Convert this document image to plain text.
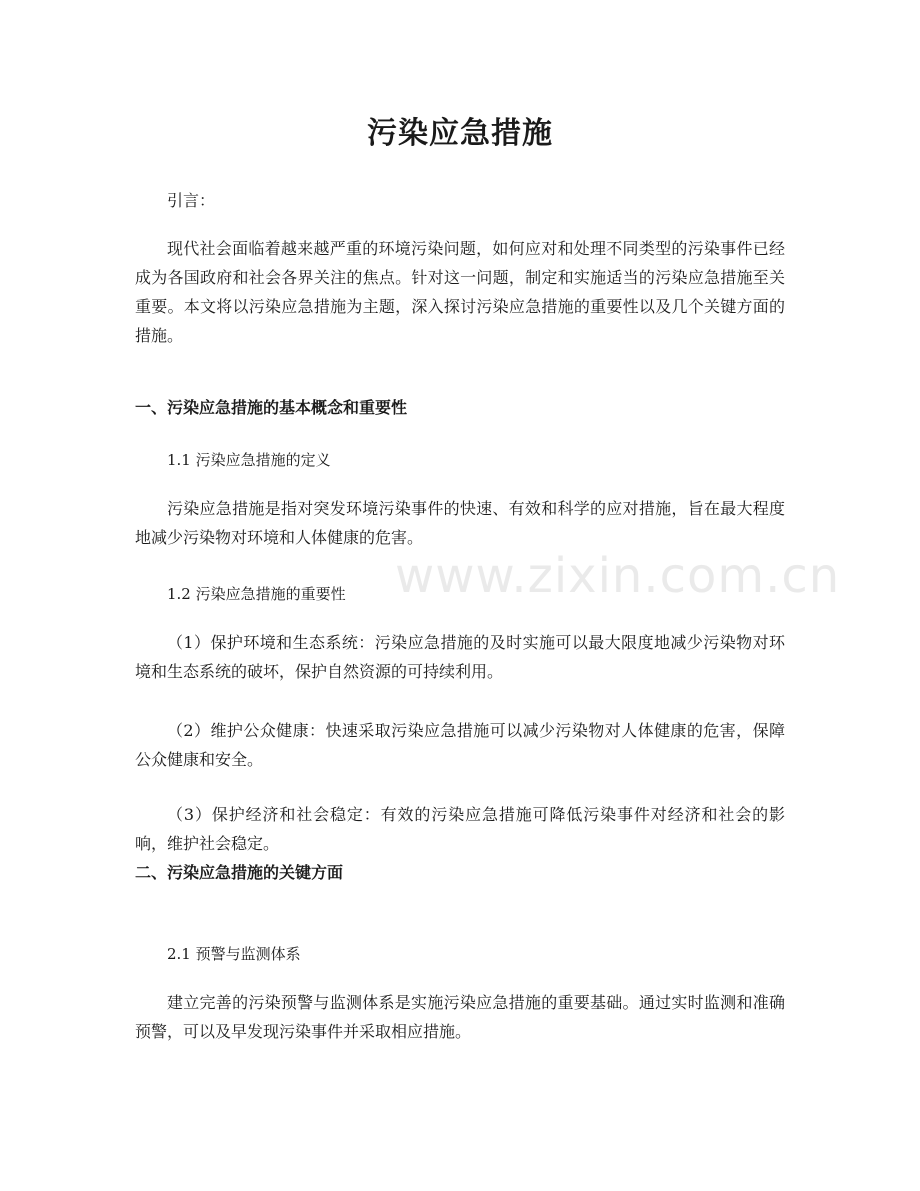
www.zixin.com.cn
污染应急措施

引言：

现代社会面临着越来越严重的环境污染问题，如何应对和处理不同类型的污染事件已经成为各国政府和社会各界关注的焦点。针对这一问题，制定和实施适当的污染应急措施至关重要。本文将以污染应急措施为主题，深入探讨污染应急措施的重要性以及几个关键方面的措施。

一、污染应急措施的基本概念和重要性

1.1 污染应急措施的定义

污染应急措施是指对突发环境污染事件的快速、有效和科学的应对措施，旨在最大程度地减少污染物对环境和人体健康的危害。

1.2 污染应急措施的重要性

（1）保护环境和生态系统：污染应急措施的及时实施可以最大限度地减少污染物对环境和生态系统的破坏，保护自然资源的可持续利用。

（2）维护公众健康：快速采取污染应急措施可以减少污染物对人体健康的危害，保障公众健康和安全。

（3）保护经济和社会稳定：有效的污染应急措施可降低污染事件对经济和社会的影响，维护社会稳定。

二、污染应急措施的关键方面

2.1 预警与监测体系

建立完善的污染预警与监测体系是实施污染应急措施的重要基础。通过实时监测和准确预警，可以及早发现污染事件并采取相应措施。
